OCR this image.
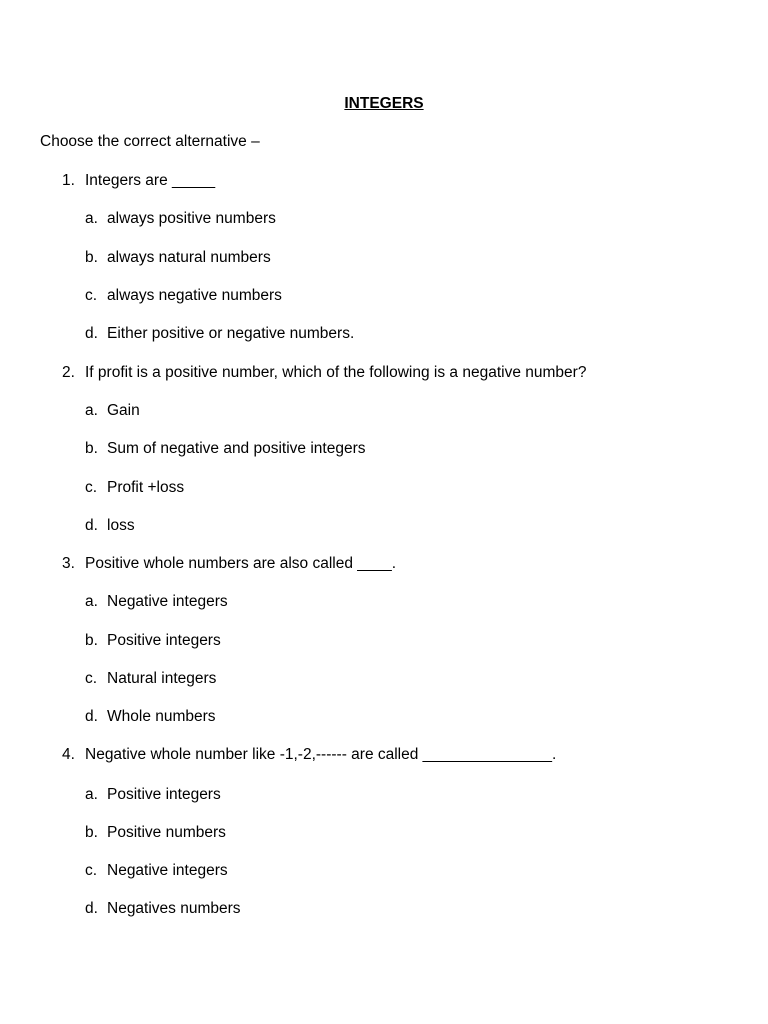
INTEGERS
Choose the correct alternative –
1. Integers are _____
a. always positive numbers
b. always natural numbers
c. always negative numbers
d. Either positive or negative numbers.
2. If profit is a positive number, which of the following is a negative number?
a. Gain
b. Sum of negative and positive integers
c. Profit +loss
d. loss
3. Positive whole numbers are also called ____.
a. Negative integers
b. Positive integers
c. Natural integers
d. Whole numbers
4. Negative whole number like -1,-2,------ are called _______________.
a. Positive integers
b. Positive numbers
c. Negative integers
d. Negatives numbers
